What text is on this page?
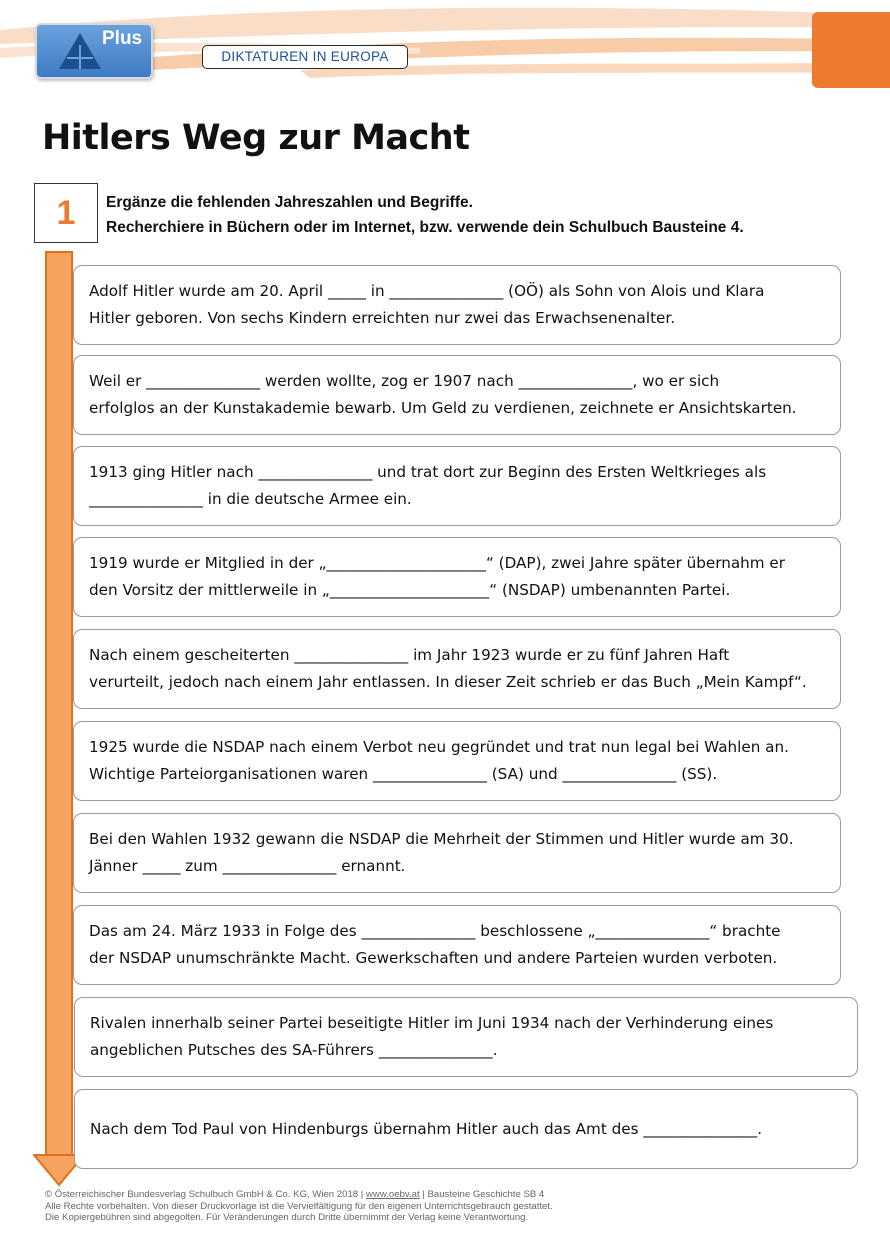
Plus
DIKTATUREN IN EUROPA
Hitlers Weg zur Macht
1	Ergänze die fehlenden Jahreszahlen und Begriffe.
Recherchiere in Büchern oder im Internet, bzw. verwende dein Schulbuch Bausteine 4.

Adolf Hitler wurde am 20. April _____ in _______________ (OÖ) als Sohn von Alois und Klara

Hitler geboren. Von sechs Kindern erreichten nur zwei das Erwachsenenalter.

Weil er _______________ werden wollte, zog er 1907 nach _______________, wo er sich

erfolglos an der Kunstakademie bewarb. Um Geld zu verdienen, zeichnete er Ansichtskarten.

1913 ging Hitler nach _______________ und trat dort zur Beginn des Ersten Weltkrieges als

_______________ in die deutsche Armee ein.

1919 wurde er Mitglied in der „_____________________“ (DAP), zwei Jahre später übernahm er

den Vorsitz der mittlerweile in „_____________________“ (NSDAP) umbenannten Partei.

Nach einem gescheiterten _______________ im Jahr 1923 wurde er zu fünf Jahren Haft

verurteilt, jedoch nach einem Jahr entlassen. In dieser Zeit schrieb er das Buch „Mein Kampf“.

1925 wurde die NSDAP nach einem Verbot neu gegründet und trat nun legal bei Wahlen an.

Wichtige Parteiorganisationen waren _______________ (SA) und _______________ (SS).

Bei den Wahlen 1932 gewann die NSDAP die Mehrheit der Stimmen und Hitler wurde am 30.

Jänner _____ zum _______________ ernannt.

Das am 24. März 1933 in Folge des _______________ beschlossene „_______________“ brachte

der NSDAP unumschränkte Macht. Gewerkschaften und andere Parteien wurden verboten.

Rivalen innerhalb seiner Partei beseitigte Hitler im Juni 1934 nach der Verhinderung eines

angeblichen Putsches des SA-Führers _______________.

Nach dem Tod Paul von Hindenburgs übernahm Hitler auch das Amt des _______________.

© Österreichischer Bundesverlag Schulbuch GmbH & Co. KG, Wien 2018 | www.oebv.at | Bausteine Geschichte SB 4
Alle Rechte vorbehalten. Von dieser Druckvorlage ist die Vervielfältigung für den eigenen Unterrichtsgebrauch gestattet.
Die Kopiergebühren sind abgegolten. Für Veränderungen durch Dritte übernimmt der Verlag keine Verantwortung.
